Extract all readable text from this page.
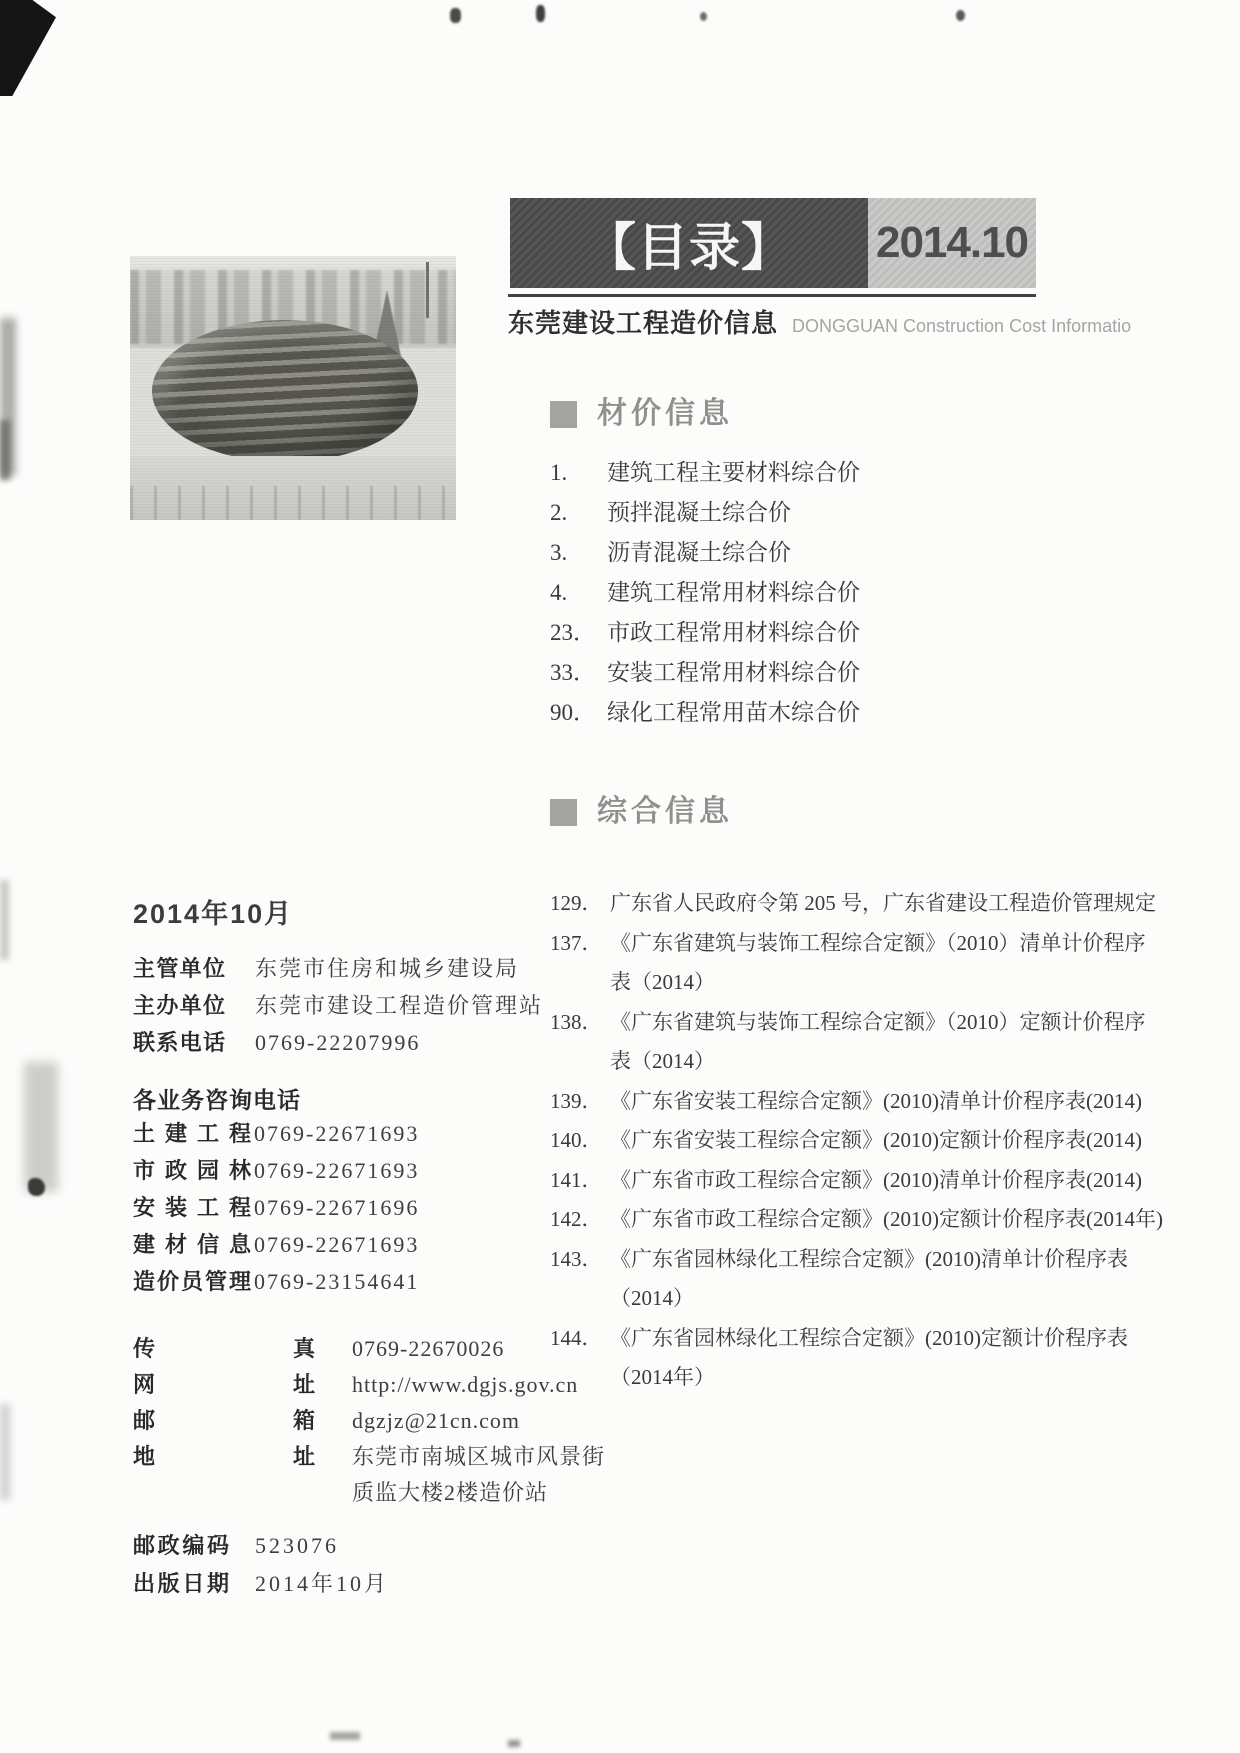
【目录】 2014.10
东莞建设工程造价信息 DONGGUAN Construction Cost Informatio
材价信息
1.	建筑工程主要材料综合价
2.	预拌混凝土综合价
3.	沥青混凝土综合价
4.	建筑工程常用材料综合价
23． 市政工程常用材料综合价
33． 安装工程常用材料综合价
90． 绿化工程常用苗木综合价
综合信息
129． 广东省人民政府令第 205 号，广东省建设工程造价管理规定
137． 《广东省建筑与装饰工程综合定额》（2010）清单计价程序
表（2014）
138． 《广东省建筑与装饰工程综合定额》（2010）定额计价程序
表（2014）
139． 《广东省安装工程综合定额》(2010)清单计价程序表(2014)
140． 《广东省安装工程综合定额》(2010)定额计价程序表(2014)
141． 《广东省市政工程综合定额》(2010)清单计价程序表(2014)
142． 《广东省市政工程综合定额》(2010)定额计价程序表(2014年)
143． 《广东省园林绿化工程综合定额》(2010)清单计价程序表
（2014）
144． 《广东省园林绿化工程综合定额》(2010)定额计价程序表
（2014年）
2014年10月
主管单位 东莞市住房和城乡建设局
主办单位 东莞市建设工程造价管理站
联系电话 0769-22207996
各业务咨询电话
土建工程 0769-22671693
市政园林 0769-22671693
安装工程 0769-22671696
建材信息 0769-22671693
造价员管理 0769-23154641
传真 0769-22670026
网址 http://www.dgjs.gov.cn
邮箱 dgzjz@21cn.com
地址 东莞市南城区城市风景街
质监大楼2楼造价站
邮政编码 523076
出版日期 2014年10月
